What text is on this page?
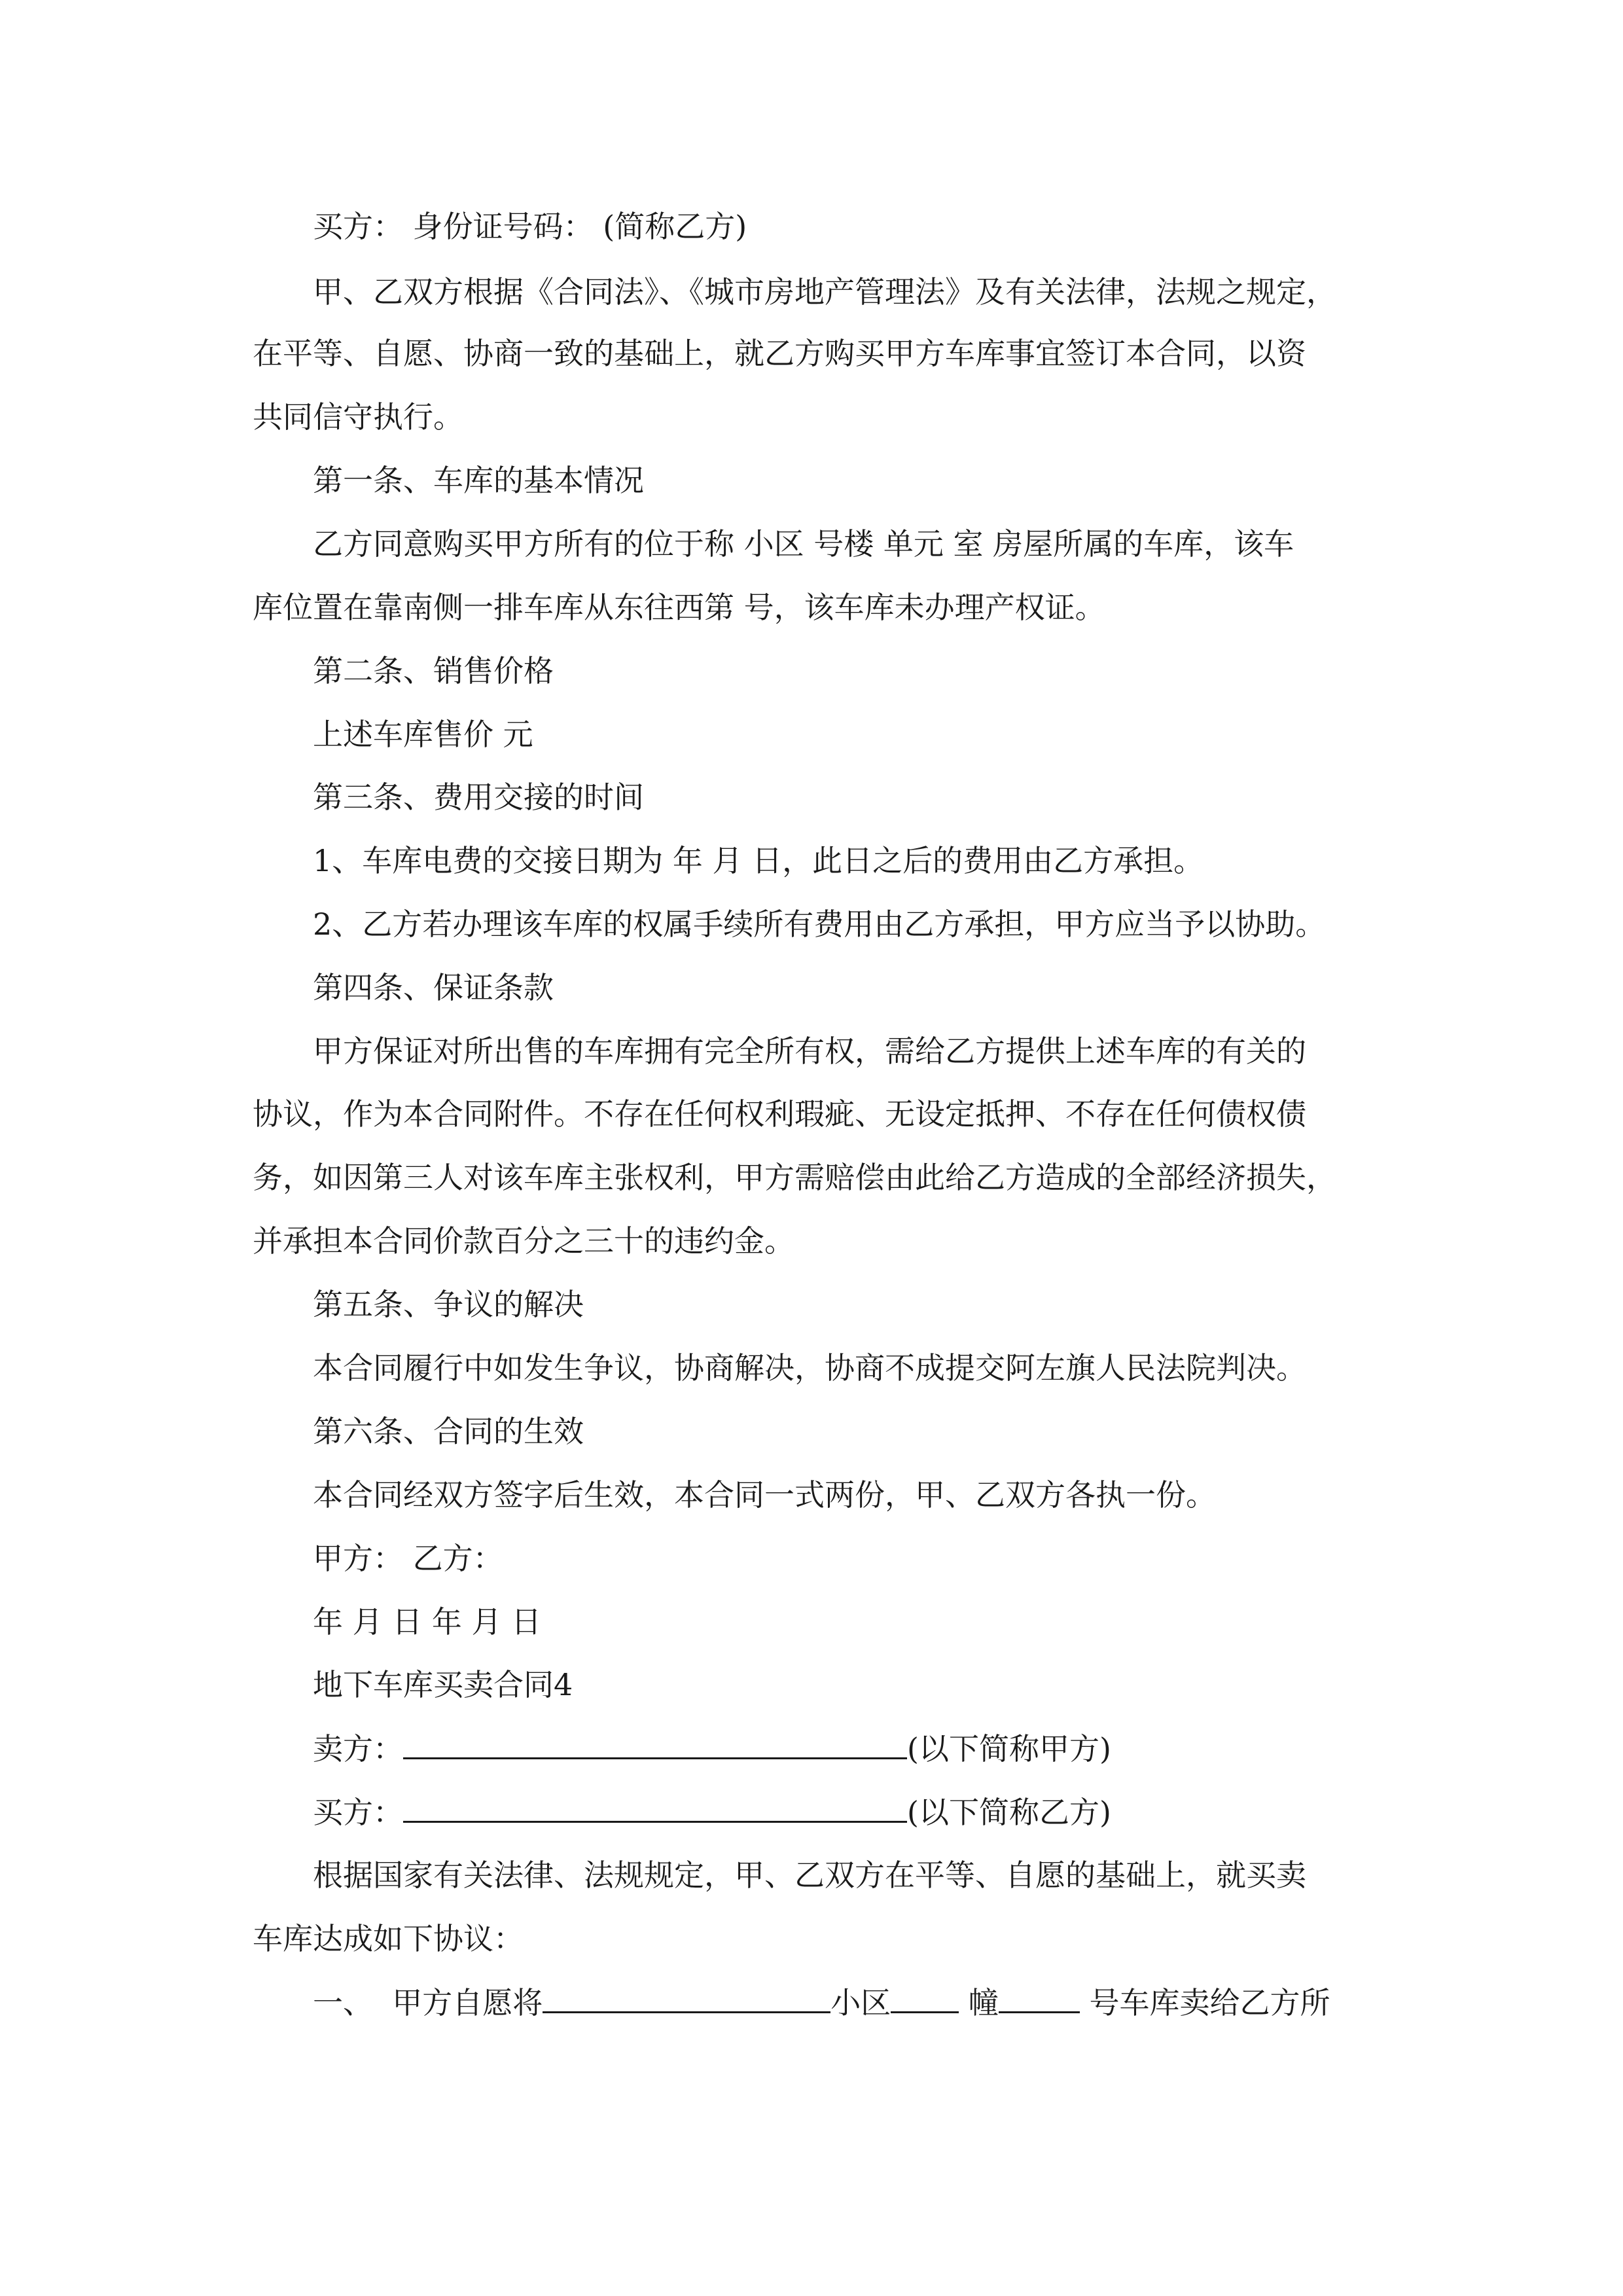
买方： 身份证号码： (简称乙方)
甲、乙双方根据《合同法》、《城市房地产管理法》及有关法律，法规之规定，
在平等、自愿、协商一致的基础上，就乙方购买甲方车库事宜签订本合同，以资
共同信守执行。
第一条、车库的基本情况
乙方同意购买甲方所有的位于称 小区 号楼 单元 室 房屋所属的车库，该车
库位置在靠南侧一排车库从东往西第 号，该车库未办理产权证。
第二条、销售价格
上述车库售价 元
第三条、费用交接的时间
1、车库电费的交接日期为 年 月 日，此日之后的费用由乙方承担。
2、乙方若办理该车库的权属手续所有费用由乙方承担，甲方应当予以协助。
第四条、保证条款
甲方保证对所出售的车库拥有完全所有权，需给乙方提供上述车库的有关的
协议，作为本合同附件。不存在任何权利瑕疵、无设定抵押、不存在任何债权债
务，如因第三人对该车库主张权利，甲方需赔偿由此给乙方造成的全部经济损失，
并承担本合同价款百分之三十的违约金。
第五条、争议的解决
本合同履行中如发生争议，协商解决，协商不成提交阿左旗人民法院判决。
第六条、合同的生效
本合同经双方签字后生效，本合同一式两份，甲、乙双方各执一份。
甲方： 乙方：
年 月 日 年 月 日
地下车库买卖合同4
卖方：	(以下简称甲方)
买方：	(以下简称乙方)
根据国家有关法律、法规规定，甲、乙双方在平等、自愿的基础上，就买卖
车库达成如下协议：
一、 甲方自愿将	小区	幢	号车库卖给乙方所
